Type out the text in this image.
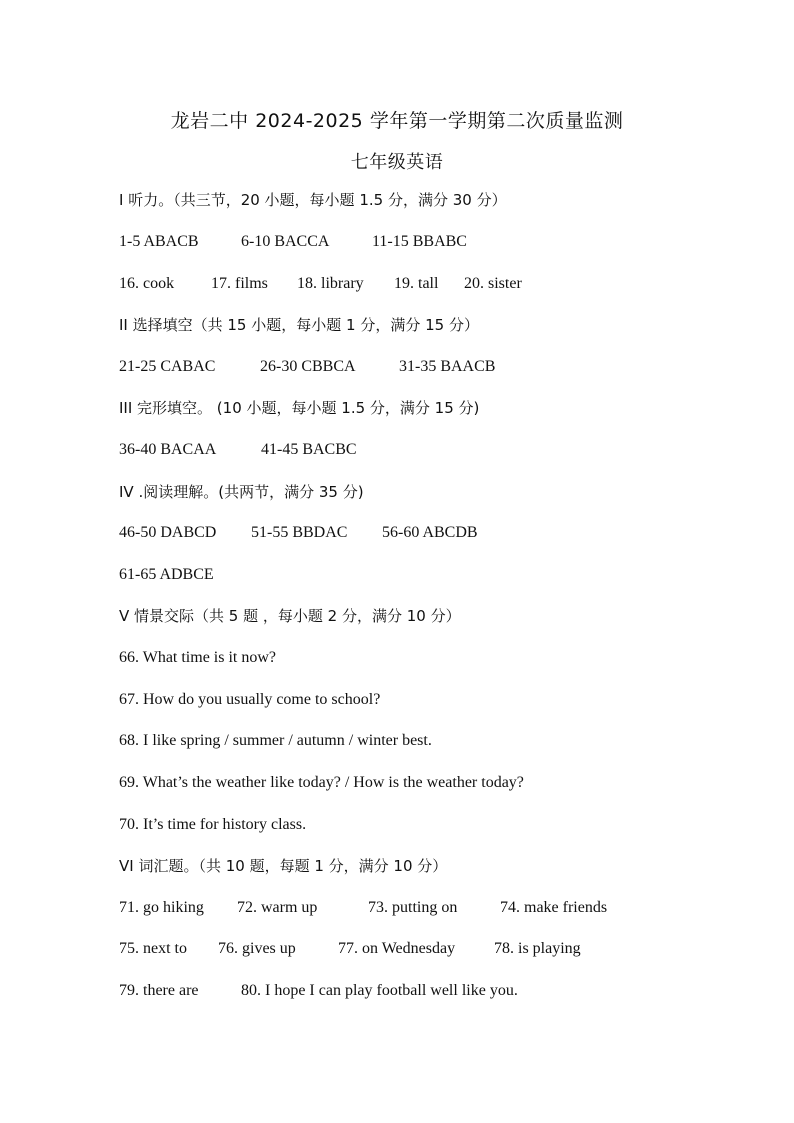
龙岩二中 2024-2025 学年第一学期第二次质量监测
七年级英语
I 听力。（共三节，20 小题，每小题 1.5 分，满分 30 分）
1-5 ABACB	6-10 BACCA	11-15 BBABC
16. cook 17. films 18. library 19. tall 20. sister
II 选择填空（共 15 小题，每小题 1 分，满分 15 分）
21-25 CABAC	26-30 CBBCA	31-35 BAACB
III 完形填空。 (10 小题，每小题 1.5 分，满分 15 分)
36-40 BACAA	41-45 BACBC
IV .阅读理解。(共两节，满分 35 分)
46-50 DABCD 51-55 BBDAC 56-60 ABCDB
61-65 ADBCE
V 情景交际（共 5 题 ，每小题 2 分，满分 10 分）
66. What time is it now?
67. How do you usually come to school?
68. I like spring / summer / autumn / winter best.
69. What’s the weather like today? / How is the weather today?
70. It’s time for history class.
VI 词汇题。（共 10 题，每题 1 分，满分 10 分）
71. go hiking 72. warm up	73. putting on	74. make friends
75. next to 76. gives up	77. on Wednesday 78. is playing
79. there are	80. I hope I can play football well like you.
